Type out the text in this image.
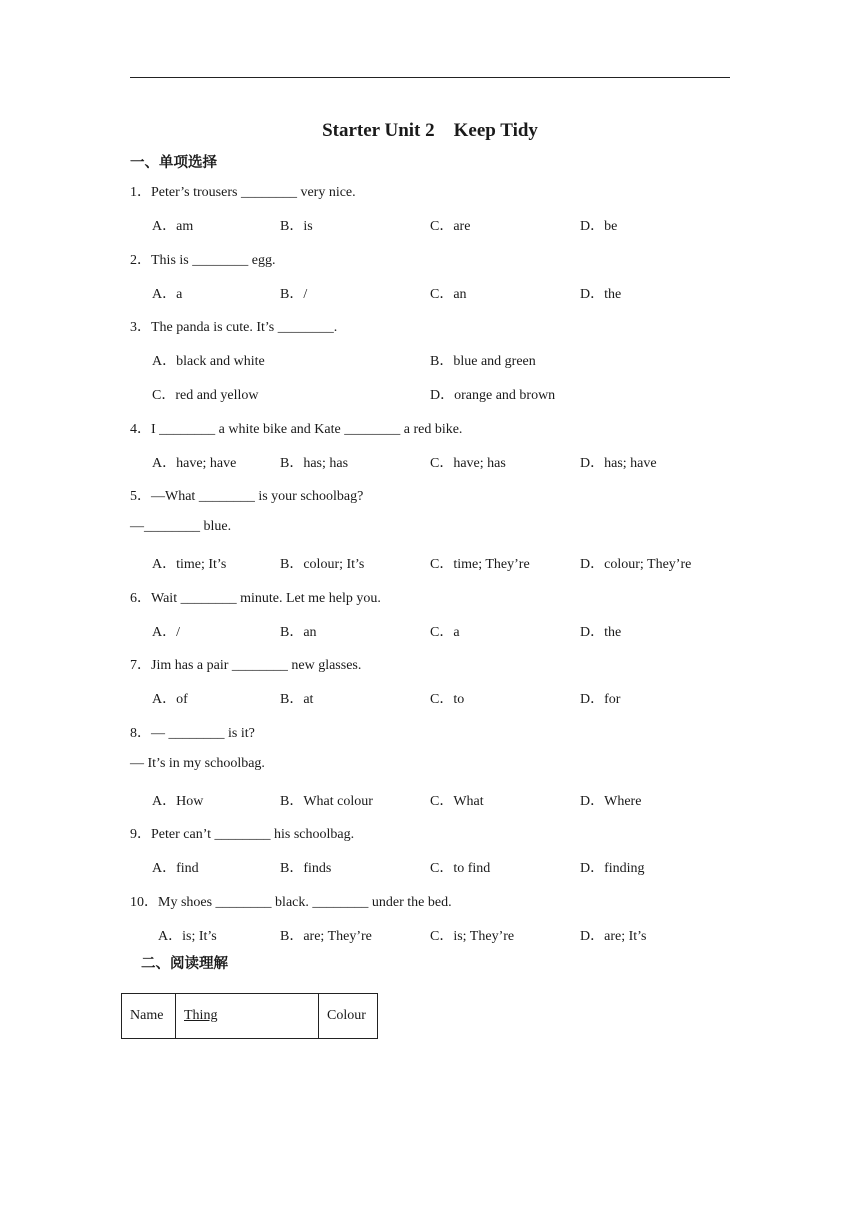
Starter Unit 2　Keep Tidy
一、单项选择
1．Peter’s trousers ________ very nice.
A．am	B．is	C．are	D．be
2．This is ________ egg.
A．a	B．/	C．an	D．the
3．The panda is cute. It’s ________.
A．black and white	B．blue and green
C．red and yellow	D．orange and brown
4．I ________ a white bike and Kate ________ a red bike.
A．have; have	B．has; has	C．have; has	D．has; have
5．—What ________ is your schoolbag?
—________ blue.
A．time; It’s	B．colour; It’s	C．time; They’re	D．colour; They’re
6．Wait ________ minute. Let me help you.
A．/	B．an	C．a	D．the
7．Jim has a pair ________ new glasses.
A．of	B．at	C．to	D．for
8．— ________ is it?
— It’s in my schoolbag.
A．How	B．What colour	C．What	D．Where
9．Peter can’t ________ his schoolbag.
A．find	B．finds	C．to find	D．finding
10．My shoes ________ black. ________ under the bed.
A．is; It’s	B．are; They’re	C．is; They’re	D．are; It’s
二、阅读理解
Name	Thing	Colour
